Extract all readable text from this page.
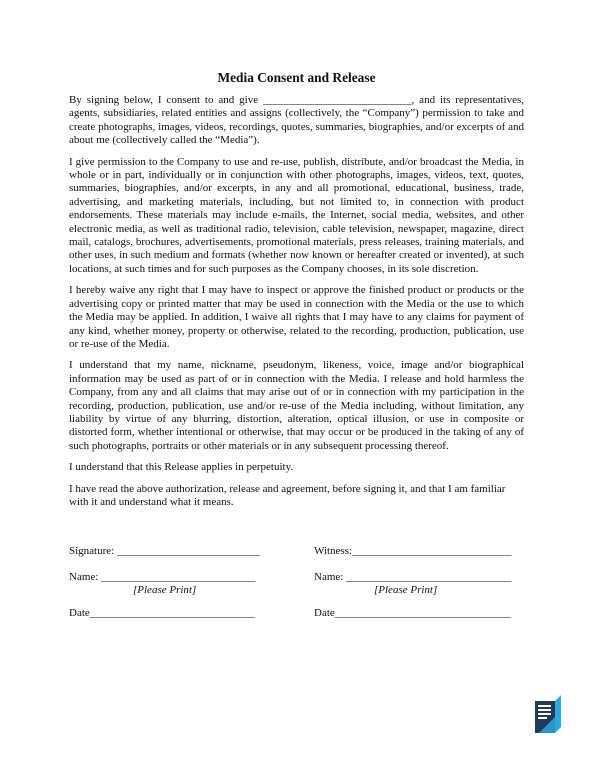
Media Consent and Release

By signing below, I consent to and give ___________________________, and its representatives, agents, subsidiaries, related entities and assigns (collectively, the “Company”) permission to take and create photographs, images, videos, recordings, quotes, summaries, biographies, and/or excerpts of and about me (collectively called the “Media”).

I give permission to the Company to use and re-use, publish, distribute, and/or broadcast the Media, in whole or in part, individually or in conjunction with other photographs, images, videos, text, quotes, summaries, biographies, and/or excerpts, in any and all promotional, educational, business, trade, advertising, and marketing materials, including, but not limited to, in connection with product endorsements. These materials may include e-mails, the Internet, social media, websites, and other electronic media, as well as traditional radio, television, cable television, newspaper, magazine, direct mail, catalogs, brochures, advertisements, promotional materials, press releases, training materials, and other uses, in such medium and formats (whether now known or hereafter created or invented), at such locations, at such times and for such purposes as the Company chooses, in its sole discretion.

I hereby waive any right that I may have to inspect or approve the finished product or products or the advertising copy or printed matter that may be used in connection with the Media or the use to which the Media may be applied. In addition, I waive all rights that I may have to any claims for payment of any kind, whether money, property or otherwise, related to the recording, production, publication, use or re-use of the Media.

I understand that my name, nickname, pseudonym, likeness, voice, image and/or biographical information may be used as part of or in connection with the Media. I release and hold harmless the Company, from any and all claims that may arise out of or in connection with my participation in the recording, production, publication, use and/or re-use of the Media including, without limitation, any liability by virtue of any blurring, distortion, alteration, optical illusion, or use in composite or distorted form, whether intentional or otherwise, that may occur or be produced in the taking of any of such photographs, portraits or other materials or in any subsequent processing thereof.

I understand that this Release applies in perpetuity.

I have read the above authorization, release and agreement, before signing it, and that I am familiar with it and understand what it means.

Signature: __________________________	Witness:_____________________________
Name: ____________________________
[Please Print]
Name: ______________________________
[Please Print]
Date______________________________	Date________________________________
